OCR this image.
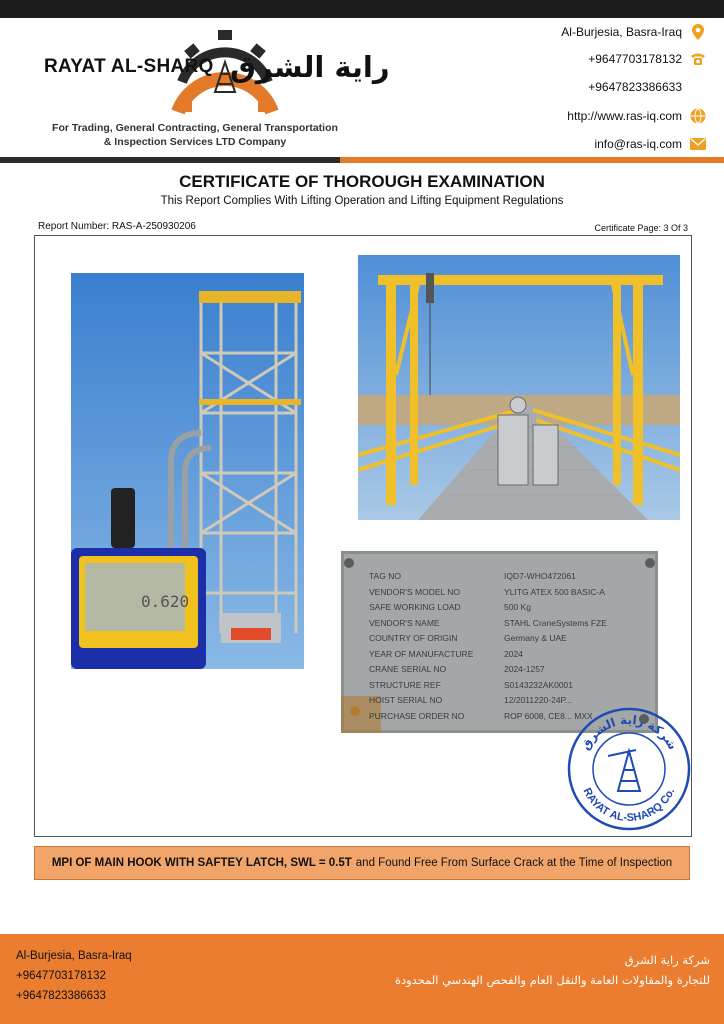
RAYAT AL-SHARQ راية الشرق
For Trading, General Contracting, General Transportation
& Inspection Services LTD Company
Al-Burjesia, Basra-Iraq
+9647703178132
+9647823386633
http://www.ras-iq.com
info@ras-iq.com
CERTIFICATE OF THOROUGH EXAMINATION
This Report Complies With Lifting Operation and Lifting Equipment Regulations
Report Number: RAS-A-250930206	Certificate Page: 3 Of 3
0.620
TAG NO	IQD7-WHO472061
VENDOR'S MODEL NO	YLITG ATEX 500 BASIC-A
SAFE WORKING LOAD	500 Kg
VENDOR'S NAME	STAHL CraneSystems FZE
COUNTRY OF ORIGIN	Germany & UAE
YEAR OF MANUFACTURE	2024
CRANE SERIAL NO	2024-1257
STRUCTURE REF	S0143232AK0001
HOIST SERIAL NO	12/2011220-24P...
PURCHASE ORDER NO	ROP 6008, CE8... MXX
شركة راية الشرق
RAYAT AL-SHARQ Co.
MPI OF MAIN HOOK WITH SAFTEY LATCH, SWL = 0.5T and Found Free From Surface Crack at the Time of Inspection
Al-Burjesia, Basra-Iraq
+9647703178132
+9647823386633
شركة راية الشرق
للتجارة والمقاولات العامة والنقل العام والفحص الهندسي المحدودة
